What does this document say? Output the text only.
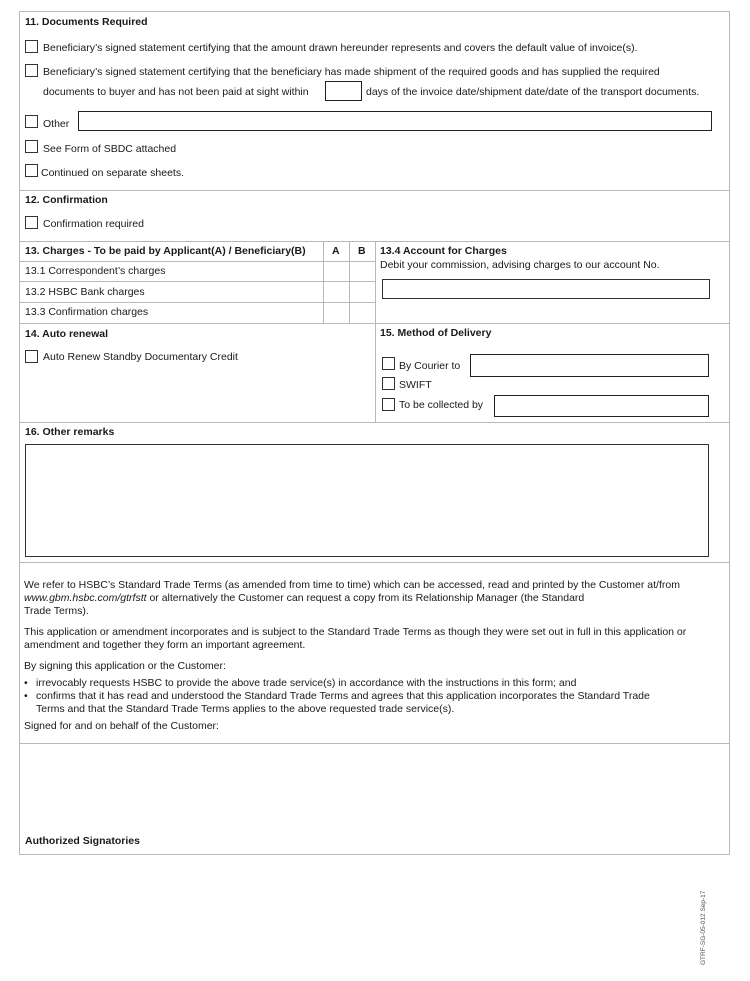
11. Documents Required
Beneficiary’s signed statement certifying that the amount drawn hereunder represents and covers the default value of invoice(s).
Beneficiary’s signed statement certifying that the beneficiary has made shipment of the required goods and has supplied the required
documents to buyer and has not been paid at sight within	days of the invoice date/shipment date/date of the transport documents.
Other
See Form of SBDC attached
Continued on separate sheets.
12. Confirmation
Confirmation required
13. Charges - To be paid by Applicant(A) / Beneficiary(B)	A B
13.1 Correspondent’s charges
13.2 HSBC Bank charges
13.3 Confirmation charges
13.4 Account for Charges
Debit your commission, advising charges to our account No.
14. Auto renewal
Auto Renew Standby Documentary Credit
15. Method of Delivery
By Courier to
SWIFT
To be collected by
16. Other remarks

We refer to HSBC’s Standard Trade Terms (as amended from time to time) which can be accessed, read and printed by the Customer at/from

www.gbm.hsbc.com/gtrfstt or alternatively the Customer can request a copy from its Relationship Manager (the Standard

Trade Terms).

This application or amendment incorporates and is subject to the Standard Trade Terms as though they were set out in full in this application or

amendment and together they form an important agreement.

By signing this application or the Customer:
• irrevocably requests HSBC to provide the above trade service(s) in accordance with the instructions in this form; and
• confirms that it has read and understood the Standard Trade Terms and agrees that this application incorporates the Standard Trade
Terms and that the Standard Trade Terms applies to the above requested trade service(s).
Signed for and on behalf of the Customer:
Authorized Signatories
GTRF-SG-05-012 Sep-17
